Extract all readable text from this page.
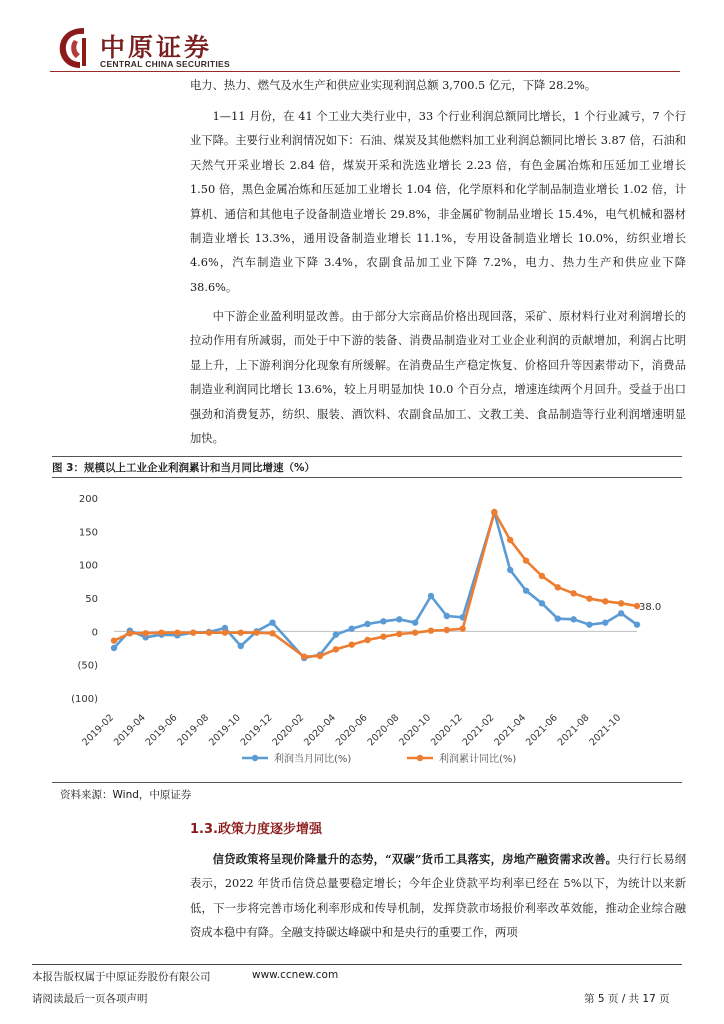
中原证券
CENTRAL CHINA SECURITIES
电力、热力、燃气及水生产和供应业实现利润总额 3,700.5 亿元，下降 28.2%。
1—11 月份，在 41 个工业大类行业中，33 个行业利润总额同比增长，1 个行业减亏，7 个行业下降。主要行业利润情况如下：石油、煤炭及其他燃料加工业利润总额同比增长 3.87 倍，石油和天然气开采业增长 2.84 倍，煤炭开采和洗选业增长 2.23 倍，有色金属冶炼和压延加工业增长 1.50 倍，黑色金属冶炼和压延加工业增长 1.04 倍，化学原料和化学制品制造业增长 1.02 倍，计算机、通信和其他电子设备制造业增长 29.8%，非金属矿物制品业增长 15.4%，电气机械和器材制造业增长 13.3%，通用设备制造业增长 11.1%，专用设备制造业增长 10.0%，纺织业增长 4.6%，汽车制造业下降 3.4%，农副食品加工业下降 7.2%，电力、热力生产和供应业下降 38.6%。
中下游企业盈利明显改善。由于部分大宗商品价格出现回落，采矿、原材料行业对利润增长的拉动作用有所减弱，而处于中下游的装备、消费品制造业对工业企业利润的贡献增加，利润占比明显上升，上下游利润分化现象有所缓解。在消费品生产稳定恢复、价格回升等因素带动下，消费品制造业利润同比增长 13.6%，较上月明显加快 10.0 个百分点，增速连续两个月回升。受益于出口强劲和消费复苏，纺织、服装、酒饮料、农副食品加工、文教工美、食品制造等行业利润增速明显加快。
图 3：规模以上工业企业利润累计和当月同比增速（%）
200
150
100
50
0
(50)
(100)
2019-02
2019-04
2019-06
2019-08
2019-10
2019-12
2020-02
2020-04
2020-06
2020-08
2020-10
2020-12
2021-02
2021-04
2021-06
2021-08
2021-10
38.0
利润当月同比(%)	利润累计同比(%)
资料来源：Wind，中原证券
1.3.政策力度逐步增强
信贷政策将呈现价降量升的态势，“双碳”货币工具落实，房地产融资需求改善。央行行长易纲表示，2022 年货币信贷总量要稳定增长；今年企业贷款平均利率已经在 5%以下，为统计以来新低，下一步将完善市场化利率形成和传导机制，发挥贷款市场报价利率改革效能，推动企业综合融资成本稳中有降。全融支持碳达峰碳中和是央行的重要工作，两项
本报告版权属于中原证券股份有限公司	www.ccnew.com
请阅读最后一页各项声明	第 5 页 / 共 17 页
